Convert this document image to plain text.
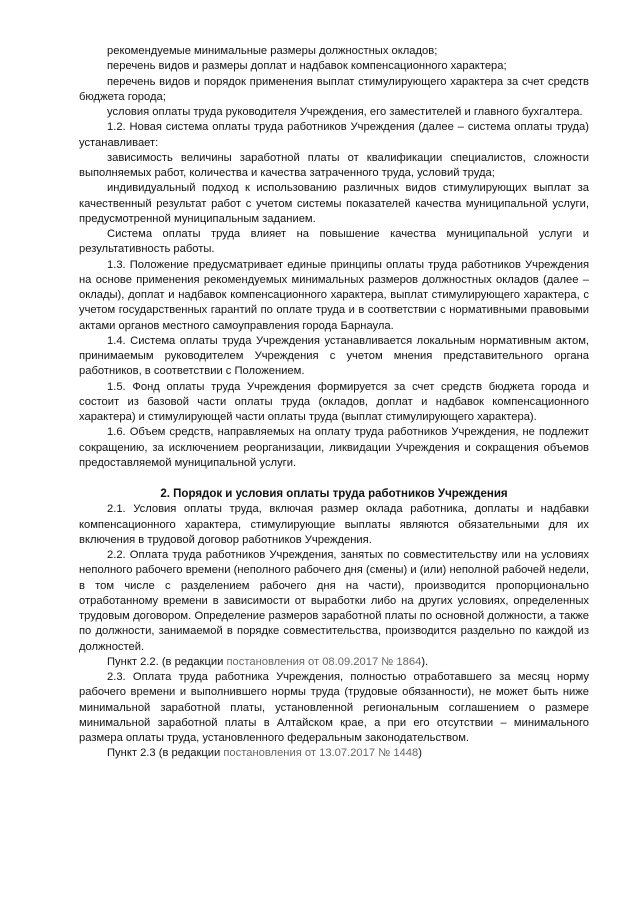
рекомендуемые минимальные размеры должностных окладов;

перечень видов и размеры доплат и надбавок компенсационного характера;

перечень видов и порядок применения выплат стимулирующего характера за счет средств бюджета города;

условия оплаты труда руководителя Учреждения, его заместителей и главного бухгалтера.

1.2. Новая система оплаты труда работников Учреждения (далее – система оплаты труда) устанавливает:

зависимость величины заработной платы от квалификации специалистов, сложности выполняемых работ, количества и качества затраченного труда, условий труда;

индивидуальный подход к использованию различных видов стимулирующих выплат за качественный результат работ с учетом системы показателей качества муниципальной услуги, предусмотренной муниципальным заданием.

Система оплаты труда влияет на повышение качества муниципальной услуги и результативность работы.

1.3. Положение предусматривает единые принципы оплаты труда работников Учреждения на основе применения рекомендуемых минимальных размеров должностных окладов (далее – оклады), доплат и надбавок компенсационного характера, выплат стимулирующего характера, с учетом государственных гарантий по оплате труда и в соответствии с нормативными правовыми актами органов местного самоуправления города Барнаула.

1.4. Система оплаты труда Учреждения устанавливается локальным нормативным актом, принимаемым руководителем Учреждения с учетом мнения представительного органа работников, в соответствии с Положением.

1.5. Фонд оплаты труда Учреждения формируется за счет средств бюджета города и состоит из базовой части оплаты труда (окладов, доплат и надбавок компенсационного характера) и стимулирующей части оплаты труда (выплат стимулирующего характера).

1.6. Объем средств, направляемых на оплату труда работников Учреждения, не подлежит сокращению, за исключением реорганизации, ликвидации Учреждения и сокращения объемов предоставляемой муниципальной услуги.

2. Порядок и условия оплаты труда работников Учреждения

2.1. Условия оплаты труда, включая размер оклада работника, доплаты и надбавки компенсационного характера, стимулирующие выплаты являются обязательными для их включения в трудовой договор работников Учреждения.

2.2. Оплата труда работников Учреждения, занятых по совместительству или на условиях неполного рабочего времени (неполного рабочего дня (смены) и (или) неполной рабочей недели, в том числе с разделением рабочего дня на части), производится пропорционально отработанному времени в зависимости от выработки либо на других условиях, определенных трудовым договором. Определение размеров заработной платы по основной должности, а также по должности, занимаемой в порядке совместительства, производится раздельно по каждой из должностей.

Пункт 2.2. (в редакции постановления от 08.09.2017 № 1864).

2.3. Оплата труда работника Учреждения, полностью отработавшего за месяц норму рабочего времени и выполнившего нормы труда (трудовые обязанности), не может быть ниже минимальной заработной платы, установленной региональным соглашением о размере минимальной заработной платы в Алтайском крае, а при его отсутствии – минимального размера оплаты труда, установленного федеральным законодательством.

Пункт 2.3 (в редакции постановления от 13.07.2017 № 1448)
